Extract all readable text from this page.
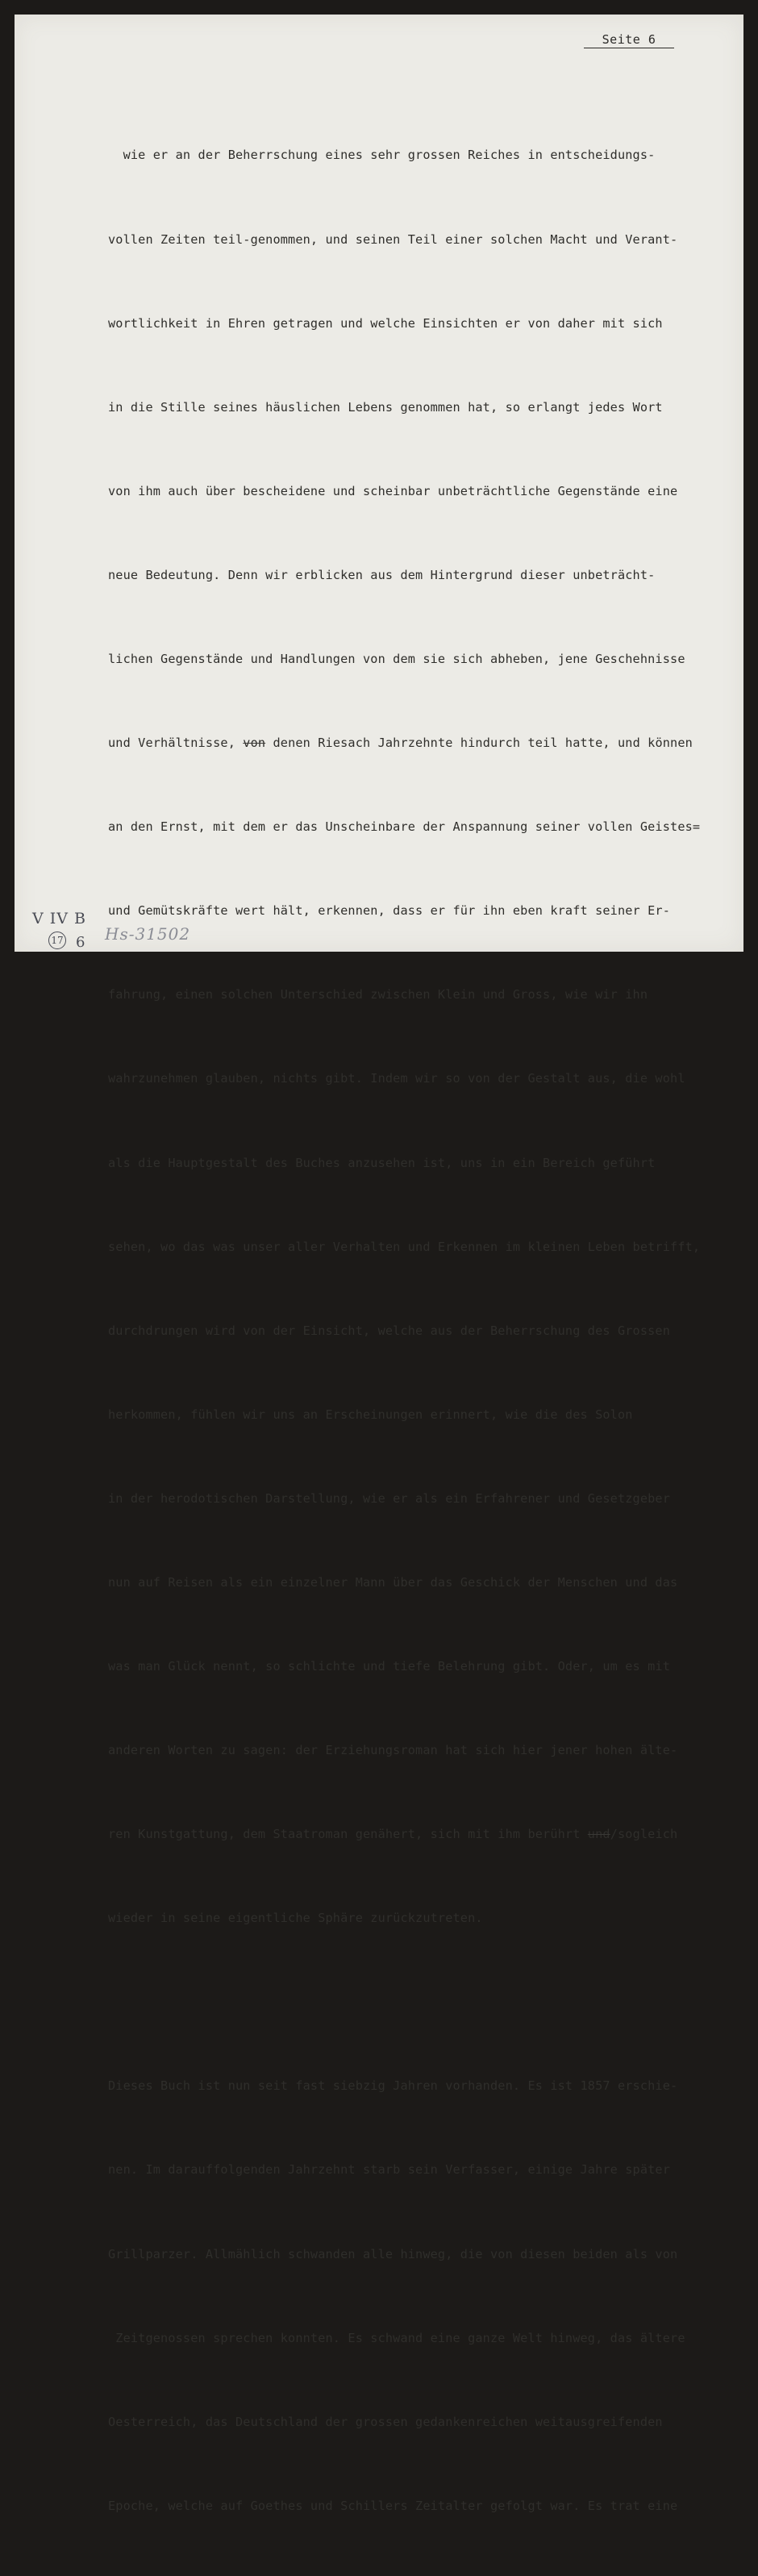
Seite 6

wie er an der Beherrschung eines sehr grossen Reiches in entscheidungs-

vollen Zeiten teil-genommen, und seinen Teil einer solchen Macht und Verant-

wortlichkeit in Ehren getragen und welche Einsichten er von daher mit sich

in die Stille seines häuslichen Lebens genommen hat, so erlangt jedes Wort

von ihm auch über bescheidene und scheinbar unbeträchtliche Gegenstände eine

neue Bedeutung. Denn wir erblicken aus dem Hintergrund dieser unbeträcht-

lichen Gegenstände und Handlungen von dem sie sich abheben, jene Geschehnisse

und Verhältnisse, von denen Riesach Jahrzehnte hindurch teil hatte, und können

an den Ernst, mit dem er das Unscheinbare der Anspannung seiner vollen Geistes=

und Gemütskräfte wert hält, erkennen, dass er für ihn eben kraft seiner Er-

fahrung, einen solchen Unterschied zwischen Klein und Gross, wie wir ihn

wahrzunehmen glauben, nichts gibt. Indem wir so von der Gestalt aus, die wohl

als die Hauptgestalt des Buches anzusehen ist, uns in ein Bereich geführt

sehen, wo das was unser aller Verhalten und Erkennen im kleinen Leben betrifft,

durchdrungen wird von der Einsicht, welche aus der Beherrschung des Grossen

herkommen, fühlen wir uns an Erscheinungen erinnert, wie die des Solon

in der herodotischen Darstellung, wie er als ein Erfahrener und Gesetzgeber

nun auf Reisen als ein einzelner Mann über das Geschick der Menschen und das

was man Glück nennt, so schlichte und tiefe Belehrung gibt. Oder, um es mit

anderen Worten zu sagen: der Erziehungsroman hat sich hier jener hohen älte-

ren Kunstgattung, dem Staatroman genähert, sich mit ihm berührt und/sogleich

wieder in seine eigentliche Sphäre zurückzutreten.

Dieses Buch ist nun seit fast siebzig Jahren vorhanden. Es ist 1857 erschie-

nen. Im darauffolgenden Jahrzehnt starb sein Verfasser, einige Jahre später

Grillparzer. Allmählich schwanden alle hinweg, die von diesen beiden als von

Zeitgenossen sprechen konnten. Es schwand eine ganze Welt hinweg, das ältere

Oesterreich, das Deutschland der grossen gedankenreichen weitausgreifenden

Epoche, welche auf Goethes und Schillers Zeitalter gefolgt war. Es trat eine

V IV B
17 6 Hs-31502
